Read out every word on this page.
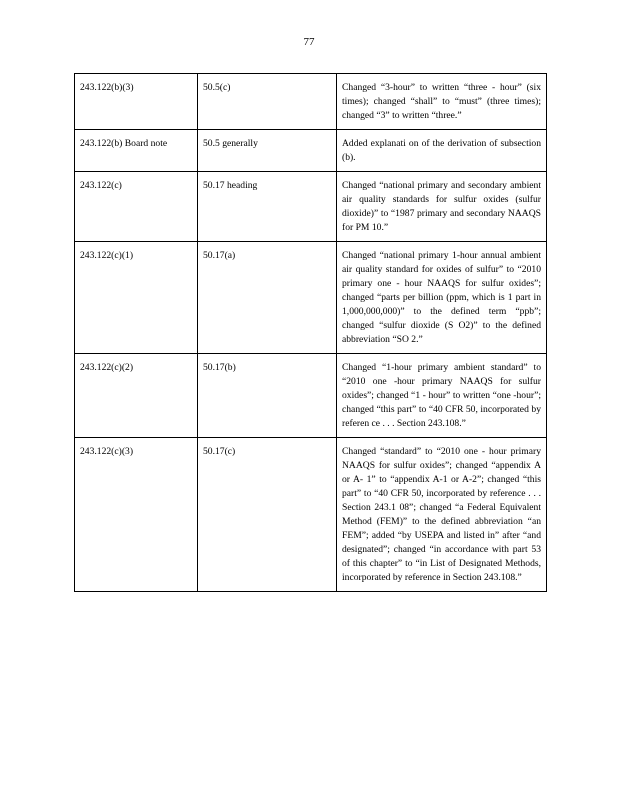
77
243.122(b)(3)	50.5(c)	Changed “3-hour” to written “three - hour” (six times); changed “shall” to “must” (three times); changed “3” to written “three.”
243.122(b) Board note	50.5 generally	Added explanati on of the derivation of subsection (b).
243.122(c)	50.17 heading	Changed “national primary and secondary ambient air quality standards for sulfur oxides (sulfur dioxide)” to “1987 primary and secondary NAAQS for PM 10.”
243.122(c)(1)	50.17(a)	Changed “national primary 1-hour annual ambient air quality standard for oxides of sulfur” to “2010 primary one - hour NAAQS for sulfur oxides”; changed “parts per billion (ppm, which is 1 part in 1,000,000,000)” to the defined term “ppb”; changed “sulfur dioxide (S O2)” to the defined abbreviation “SO 2.”
243.122(c)(2)	50.17(b)	Changed “1-hour primary ambient standard” to “2010 one -hour primary NAAQS for sulfur oxides”; changed “1 - hour” to written “one -hour”; changed “this part” to “40 CFR 50, incorporated by referen ce . . . Section 243.108.”
243.122(c)(3)	50.17(c)	Changed “standard” to “2010 one - hour primary NAAQS for sulfur oxides”; changed “appendix A or A- 1” to “appendix A-1 or A-2”; changed “this part” to “40 CFR 50, incorporated by reference . . . Section 243.1 08”; changed “a Federal Equivalent Method (FEM)” to the defined abbreviation “an FEM”; added “by USEPA and listed in” after “and designated”; changed “in accordance with part 53 of this chapter” to “in List of Designated Methods, incorporated by reference in Section 243.108.”
